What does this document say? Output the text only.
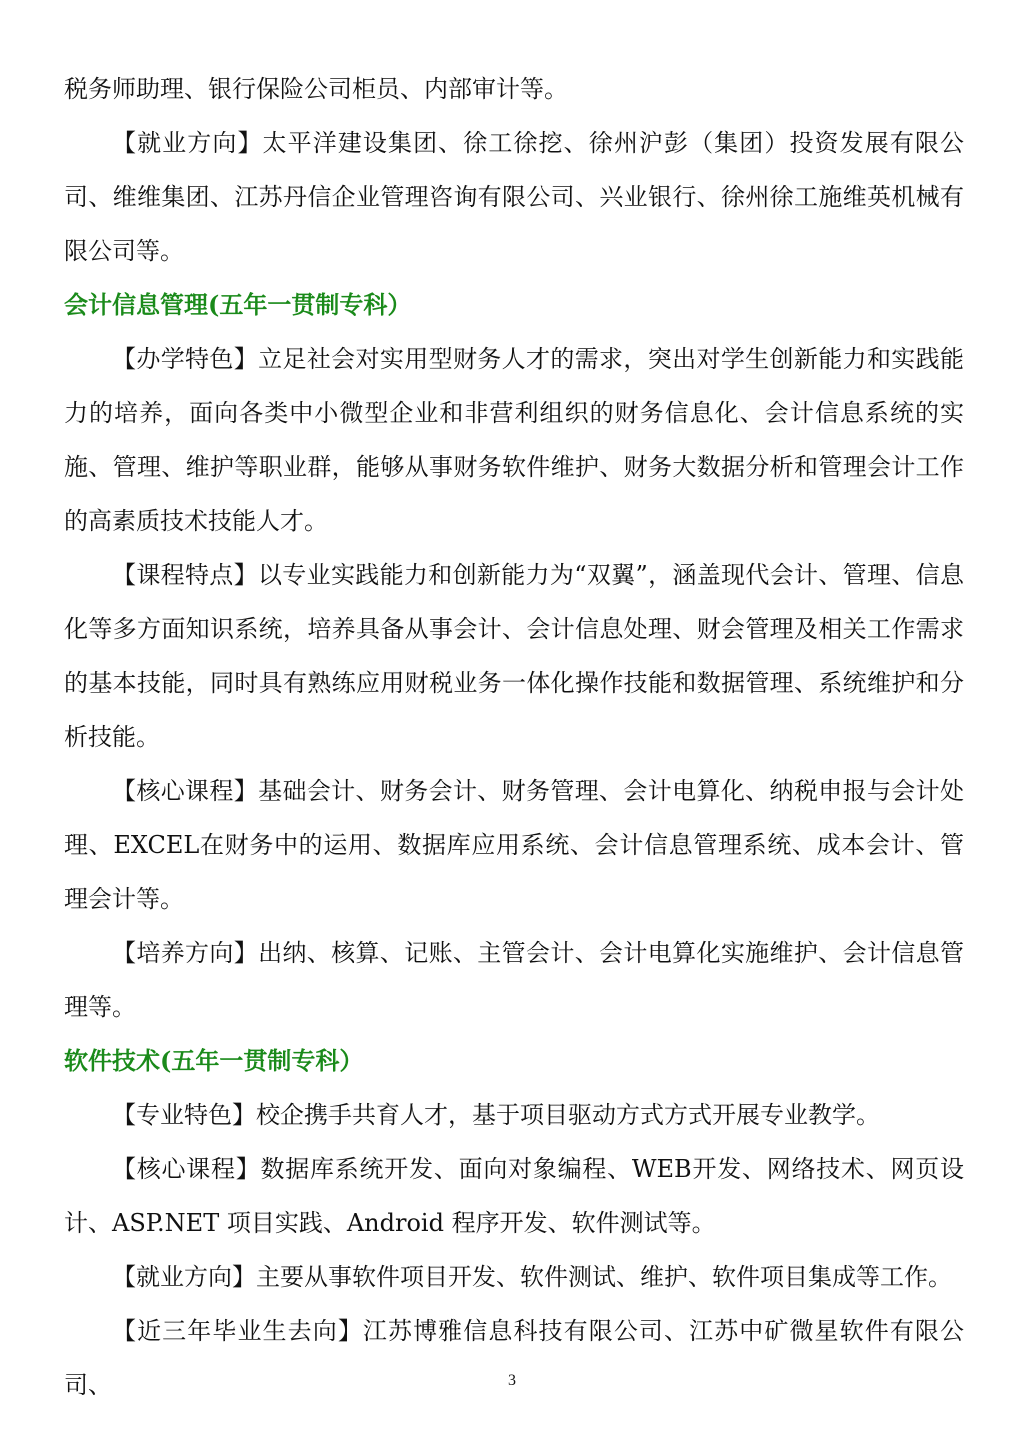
税务师助理、银行保险公司柜员、内部审计等。

【就业方向】太平洋建设集团、徐工徐挖、徐州沪彭（集团）投资发展有限公司、维维集团、江苏丹信企业管理咨询有限公司、兴业银行、徐州徐工施维英机械有限公司等。

会计信息管理(五年一贯制专科）

【办学特色】立足社会对实用型财务人才的需求，突出对学生创新能力和实践能力的培养，面向各类中小微型企业和非营利组织的财务信息化、会计信息系统的实施、管理、维护等职业群，能够从事财务软件维护、财务大数据分析和管理会计工作的高素质技术技能人才。

【课程特点】以专业实践能力和创新能力为“双翼”，涵盖现代会计、管理、信息化等多方面知识系统，培养具备从事会计、会计信息处理、财会管理及相关工作需求的基本技能，同时具有熟练应用财税业务一体化操作技能和数据管理、系统维护和分析技能。

【核心课程】基础会计、财务会计、财务管理、会计电算化、纳税申报与会计处理、EXCEL在财务中的运用、数据库应用系统、会计信息管理系统、成本会计、管理会计等。

【培养方向】出纳、核算、记账、主管会计、会计电算化实施维护、会计信息管理等。

软件技术(五年一贯制专科）

【专业特色】校企携手共育人才，基于项目驱动方式方式开展专业教学。

【核心课程】数据库系统开发、面向对象编程、WEB开发、网络技术、网页设计、ASP.NET 项目实践、Android 程序开发、软件测试等。

【就业方向】主要从事软件项目开发、软件测试、维护、软件项目集成等工作。

【近三年毕业生去向】江苏博雅信息科技有限公司、江苏中矿微星软件有限公司、	3
